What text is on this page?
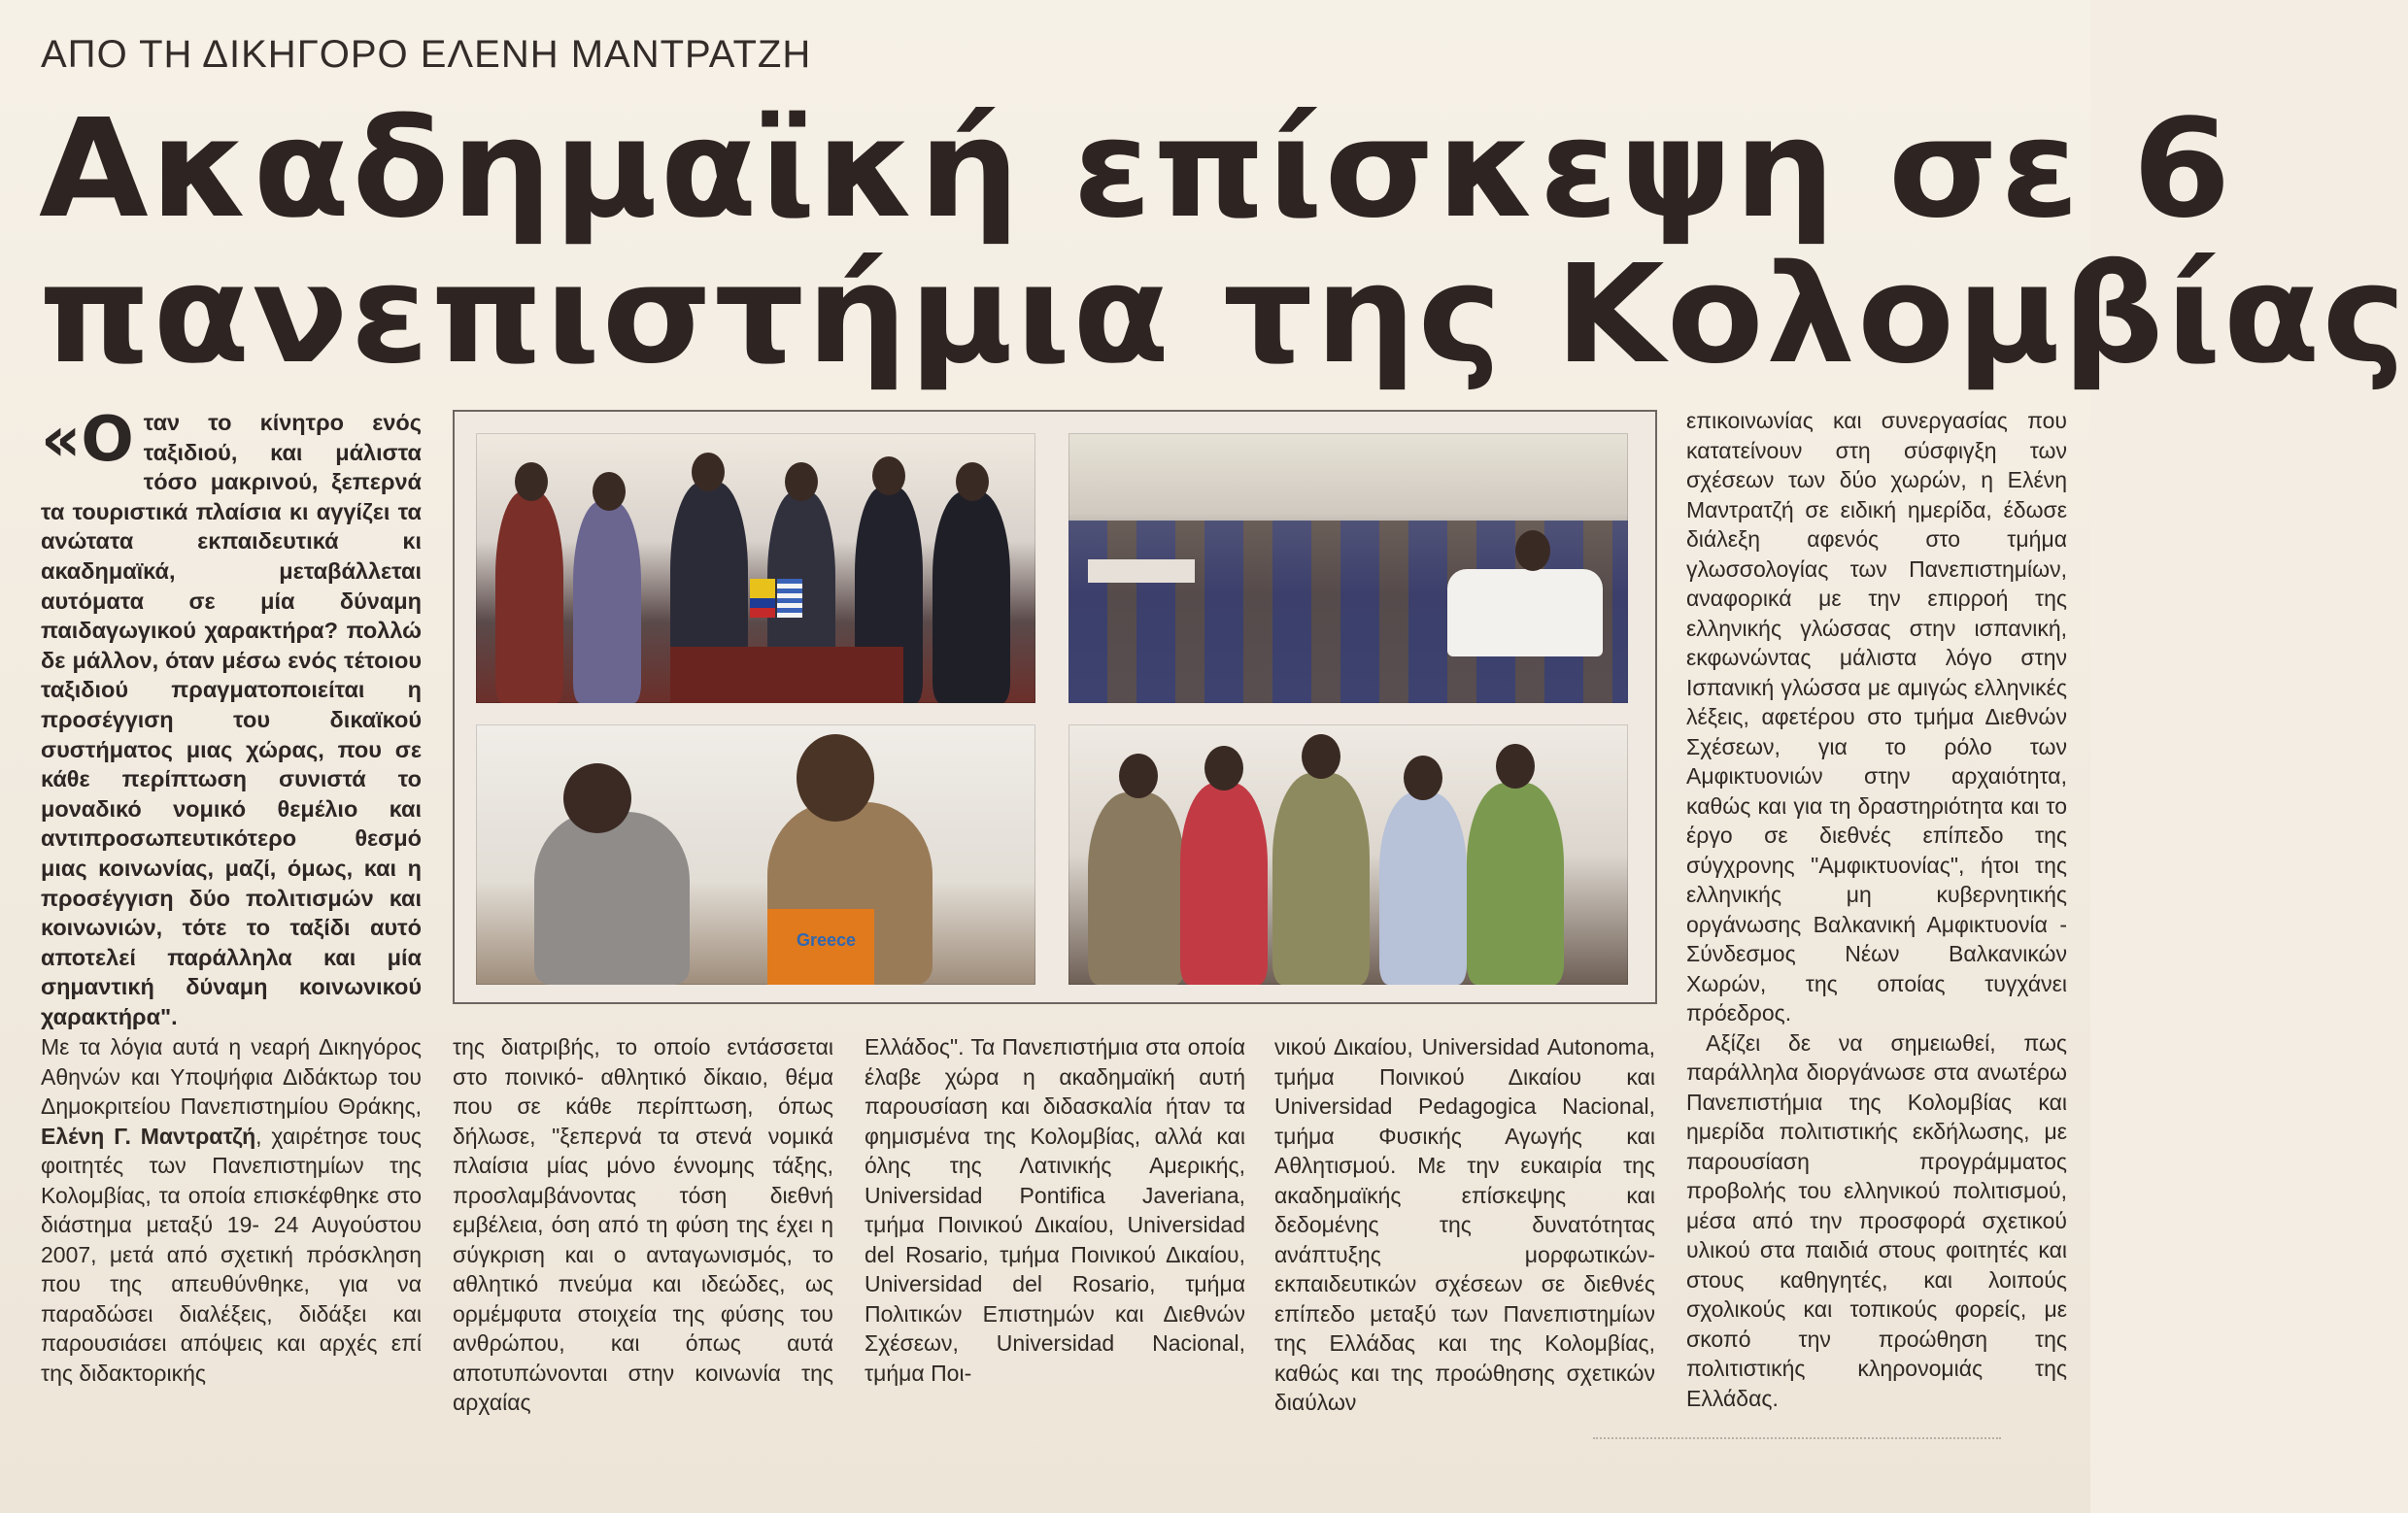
ΑΠΟ ΤΗ ΔΙΚΗΓΟΡΟ ΕΛΕΝΗ ΜΑΝΤΡΑΤΖΗ
Ακαδημαϊκή επίσκεψη σε 6
πανεπιστήμια της Κολομβίας
«Ο ταν το κίνητρο ενός ταξιδιού, και μάλιστα τόσο μακρινού, ξεπερνά τα τουριστικά πλαίσια κι αγγίζει τα ανώτατα εκπαιδευτικά κι ακαδημαϊκά, μεταβάλλεται αυτόματα σε μία δύναμη παιδαγωγικού χαρακτήρα? πολλώ δε μάλλον, όταν μέσω ενός τέτοιου ταξιδιού πραγματοποιείται η προσέγγιση του δικαϊκού συστήματος μιας χώρας, που σε κάθε περίπτωση συνιστά το μοναδικό νομικό θεμέλιο και αντιπροσωπευτικότερο θεσμό μιας κοινωνίας, μαζί, όμως, και η προσέγγιση δύο πολιτισμών και κοινωνιών, τότε το ταξίδι αυτό αποτελεί παράλληλα και μία σημαντική δύναμη κοινωνικού χαρακτήρα".
Greece
Με τα λόγια αυτά η νεαρή Δικηγόρος Αθηνών και Υποψήφια Διδάκτωρ του Δημοκριτείου Πανεπιστημίου Θράκης, Ελένη Γ. Μαντρατζή, χαιρέτησε τους φοιτητές των Πανεπιστημίων της Κολομβίας, τα οποία επισκέφθηκε στο διάστημα μεταξύ 19- 24 Αυγούστου 2007, μετά από σχετική πρόσκληση που της απευθύνθηκε, για να παραδώσει διαλέξεις, διδάξει και παρουσιάσει απόψεις και αρχές επί της διδακτορικής
της διατριβής, το οποίο εντάσσεται στο ποινικό- αθλητικό δίκαιο, θέμα που σε κάθε περίπτωση, όπως δήλωσε, "ξεπερνά τα στενά νομικά πλαίσια μίας μόνο έννομης τάξης, προσλαμβάνοντας τόση διεθνή εμβέλεια, όση από τη φύση της έχει η σύγκριση και ο ανταγωνισμός, το αθλητικό πνεύμα και ιδεώδες, ως ορμέμφυτα στοιχεία της φύσης του ανθρώπου, και όπως αυτά αποτυπώνονται στην κοινωνία της αρχαίας
Ελλάδος". Τα Πανεπιστήμια στα οποία έλαβε χώρα η ακαδημαϊκή αυτή παρουσίαση και διδασκαλία ήταν τα φημισμένα της Κολομβίας, αλλά και όλης της Λατινικής Αμερικής, Universidad Pontifica Javeriana, τμήμα Ποινικού Δικαίου, Universidad del Rosario, τμήμα Ποινικού Δικαίου, Universidad del Rosario, τμήμα Πολιτικών Επιστημών και Διεθνών Σχέσεων, Universidad Nacional, τμήμα Ποι-
νικού Δικαίου, Universidad Autonoma, τμήμα Ποινικού Δικαίου και Universidad Pedagogica Nacional, τμήμα Φυσικής Αγωγής και Αθλητισμού. Με την ευκαιρία της ακαδημαϊκής επίσκεψης και δεδομένης της δυνατότητας ανάπτυξης μορφωτικών- εκπαιδευτικών σχέσεων σε διεθνές επίπεδο μεταξύ των Πανεπιστημίων της Ελλάδας και της Κολομβίας, καθώς και της προώθησης σχετικών διαύλων
επικοινωνίας και συνεργασίας που κατατείνουν στη σύσφιγξη των σχέσεων των δύο χωρών, η Ελένη Μαντρατζή σε ειδική ημερίδα, έδωσε διάλεξη αφενός στο τμήμα γλωσσολογίας των Πανεπιστημίων, αναφορικά με την επιρροή της ελληνικής γλώσσας στην ισπανική, εκφωνώντας μάλιστα λόγο στην Ισπανική γλώσσα με αμιγώς ελληνικές λέξεις, αφετέρου στο τμήμα Διεθνών Σχέσεων, για το ρόλο των Αμφικτυονιών στην αρχαιότητα, καθώς και για τη δραστηριότητα και το έργο σε διεθνές επίπεδο της σύγχρονης "Αμφικτυονίας", ήτοι της ελληνικής μη κυβερνητικής οργάνωσης Βαλκανική Αμφικτυονία - Σύνδεσμος Νέων Βαλκανικών Χωρών, της οποίας τυγχάνει πρόεδρος.
Αξίζει δε να σημειωθεί, πως παράλληλα διοργάνωσε στα ανωτέρω Πανεπιστήμια της Κολομβίας και ημερίδα πολιτιστικής εκδήλωσης, με παρουσίαση προγράμματος προβολής του ελληνικού πολιτισμού, μέσα από την προσφορά σχετικού υλικού στα παιδιά στους φοιτητές και στους καθηγητές, και λοιπούς σχολικούς και τοπικούς φορείς, με σκοπό την προώθηση της πολιτιστικής κληρονομιάς της Ελλάδας.
